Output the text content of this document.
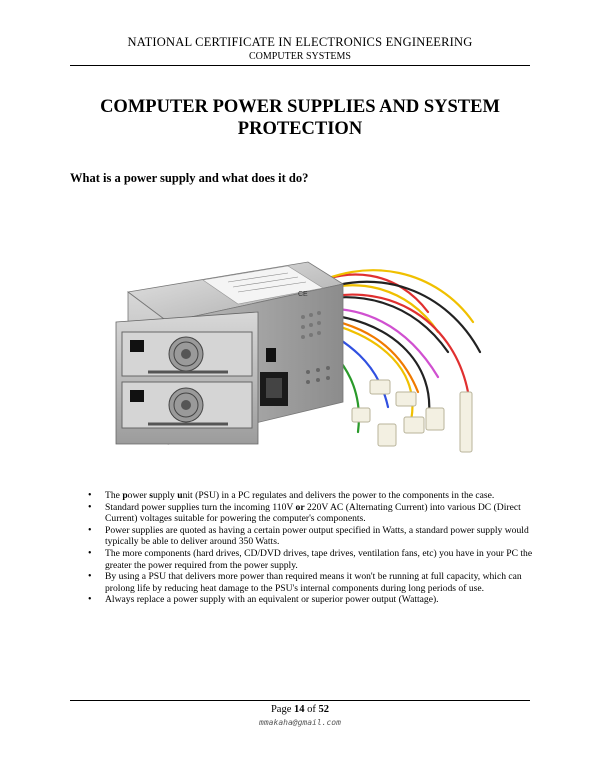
NATIONAL CERTIFICATE IN ELECTRONICS ENGINEERING
COMPUTER SYSTEMS
COMPUTER POWER SUPPLIES AND SYSTEM
PROTECTION
What is a power supply and what does it do?
CE
• The power supply unit (PSU) in a PC regulates and delivers the power to the components in the case.
• Standard power supplies turn the incoming 110V or 220V AC (Alternating Current) into various DC (Direct Current) voltages suitable for powering the computer's components.
• Power supplies are quoted as having a certain power output specified in Watts, a standard power supply would typically be able to deliver around 350 Watts.
• The more components (hard drives, CD/DVD drives, tape drives, ventilation fans, etc) you have in your PC the greater the power required from the power supply.
• By using a PSU that delivers more power than required means it won't be running at full capacity, which can prolong life by reducing heat damage to the PSU's internal components during long periods of use.
• Always replace a power supply with an equivalent or superior power output (Wattage).
Page 14 of 52
mmakaha@gmail.com
